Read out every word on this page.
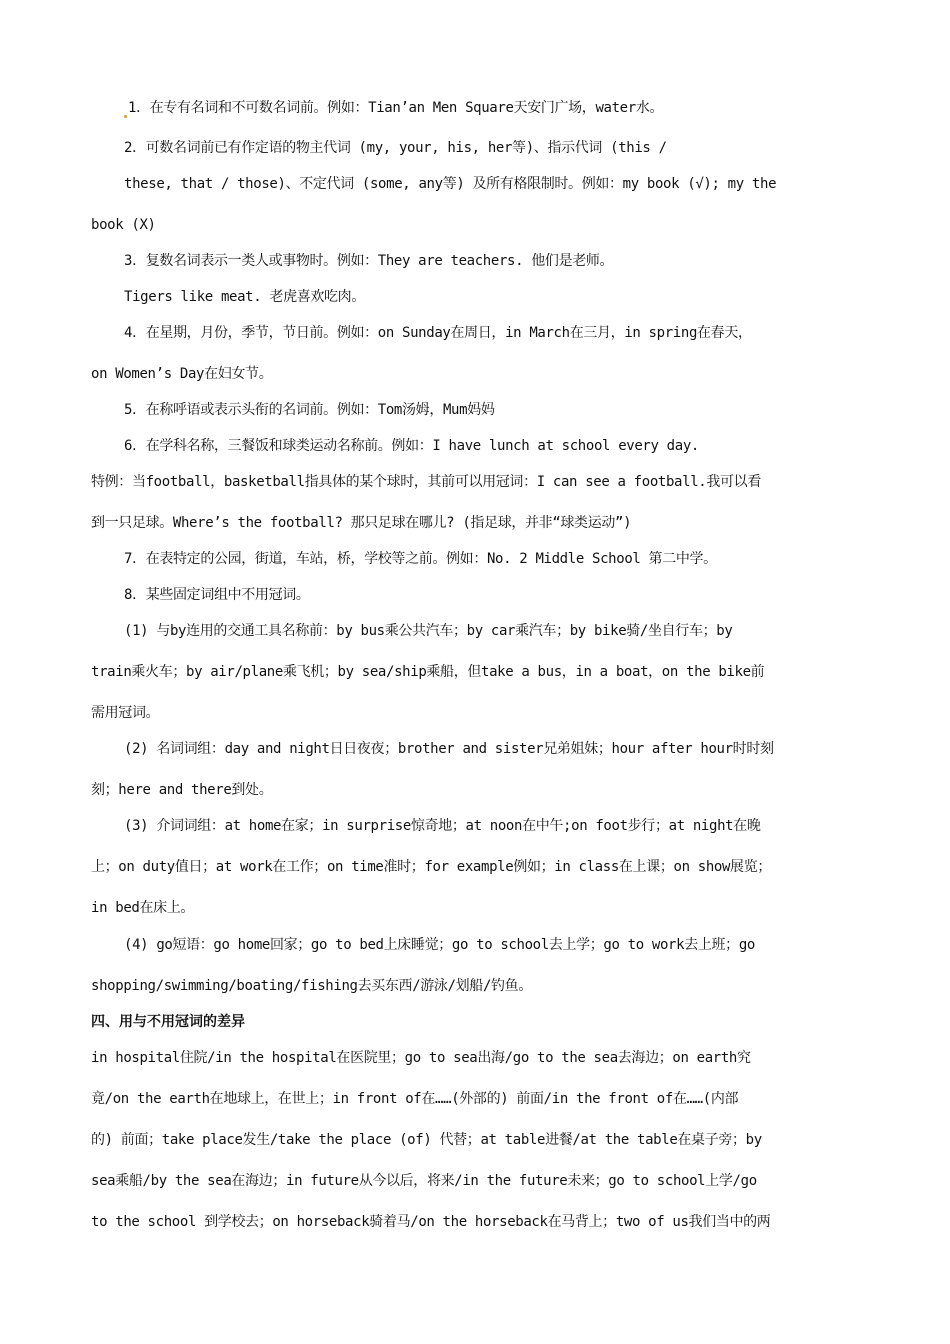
1．在专有名词和不可数名词前。例如：Tian’an Men Square天安门广场，water水。
2．可数名词前已有作定语的物主代词 (my, your, his, her等)、指示代词 (this /
these, that / those)、不定代词 (some, any等) 及所有格限制时。例如：my book (√); my the
book (X)
3．复数名词表示一类人或事物时。例如：They are teachers. 他们是老师。
Tigers like meat. 老虎喜欢吃肉。
4．在星期，月份，季节，节日前。例如：on Sunday在周日，in March在三月，in spring在春天，
on Women’s Day在妇女节。
5．在称呼语或表示头衔的名词前。例如：Tom汤姆，Mum妈妈
6．在学科名称，三餐饭和球类运动名称前。例如：I have lunch at school every day.
特例：当football，basketball指具体的某个球时，其前可以用冠词：I can see a football.我可以看
到一只足球。Where’s the football? 那只足球在哪儿? (指足球，并非“球类运动”)
7．在表特定的公园，街道，车站，桥，学校等之前。例如：No. 2 Middle School 第二中学。
8．某些固定词组中不用冠词。
(1) 与by连用的交通工具名称前：by bus乘公共汽车；by car乘汽车；by bike骑/坐自行车；by
train乘火车；by air/plane乘飞机；by sea/ship乘船，但take a bus，in a boat，on the bike前
需用冠词。
(2) 名词词组：day and night日日夜夜；brother and sister兄弟姐妹；hour after hour时时刻
刻；here and there到处。
(3) 介词词组：at home在家；in surprise惊奇地；at noon在中午;on foot步行；at night在晚
上；on duty值日；at work在工作；on time准时；for example例如；in class在上课；on show展览；
in bed在床上。
(4) go短语：go home回家；go to bed上床睡觉；go to school去上学；go to work去上班；go
shopping/swimming/boating/fishing去买东西/游泳/划船/钓鱼。
四、用与不用冠词的差异
in hospital住院/in the hospital在医院里；go to sea出海/go to the sea去海边；on earth究
竟/on the earth在地球上，在世上；in front of在……(外部的) 前面/in the front of在……(内部
的) 前面；take place发生/take the place (of) 代替；at table进餐/at the table在桌子旁；by
sea乘船/by the sea在海边；in future从今以后，将来/in the future未来；go to school上学/go
to the school 到学校去；on horseback骑着马/on the horseback在马背上；two of us我们当中的两
